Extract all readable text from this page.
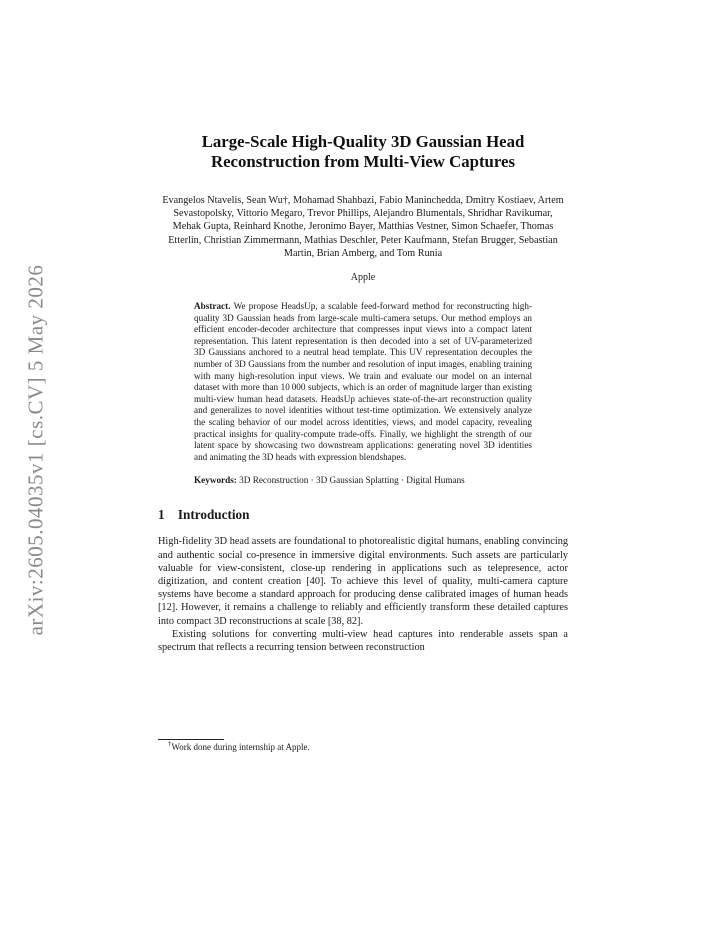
arXiv:2605.04035v1 [cs.CV] 5 May 2026
Large-Scale High-Quality 3D Gaussian Head
Reconstruction from Multi-View Captures
Evangelos Ntavelis, Sean Wu†, Mohamad Shahbazi, Fabio Maninchedda, Dmitry Kostiaev, Artem Sevastopolsky, Vittorio Megaro, Trevor Phillips, Alejandro Blumentals, Shridhar Ravikumar, Mehak Gupta, Reinhard Knothe, Jeronimo Bayer, Matthias Vestner, Simon Schaefer, Thomas Etterlin, Christian Zimmermann, Mathias Deschler, Peter Kaufmann, Stefan Brugger, Sebastian Martin, Brian Amberg, and Tom Runia
Apple
Abstract. We propose HeadsUp, a scalable feed-forward method for reconstructing high-quality 3D Gaussian heads from large-scale multi-camera setups. Our method employs an efficient encoder-decoder architecture that compresses input views into a compact latent representation. This latent representation is then decoded into a set of UV-parameterized 3D Gaussians anchored to a neutral head template. This UV representation decouples the number of 3D Gaussians from the number and resolution of input images, enabling training with many high-resolution input views. We train and evaluate our model on an internal dataset with more than 10 000 subjects, which is an order of magnitude larger than existing multi-view human head datasets. HeadsUp achieves state-of-the-art reconstruction quality and generalizes to novel identities without test-time optimization. We extensively analyze the scaling behavior of our model across identities, views, and model capacity, revealing practical insights for quality-compute trade-offs. Finally, we highlight the strength of our latent space by showcasing two downstream applications: generating novel 3D identities and animating the 3D heads with expression blendshapes.
Keywords: 3D Reconstruction · 3D Gaussian Splatting · Digital Humans
1 Introduction

High-fidelity 3D head assets are foundational to photorealistic digital humans, enabling convincing and authentic social co-presence in immersive digital environments. Such assets are particularly valuable for view-consistent, close-up rendering in applications such as telepresence, actor digitization, and content creation [40]. To achieve this level of quality, multi-camera capture systems have become a standard approach for producing dense calibrated images of human heads [12]. However, it remains a challenge to reliably and efficiently transform these detailed captures into compact 3D reconstructions at scale [38, 82].

Existing solutions for converting multi-view head captures into renderable assets span a spectrum that reflects a recurring tension between reconstruction

†Work done during internship at Apple.
